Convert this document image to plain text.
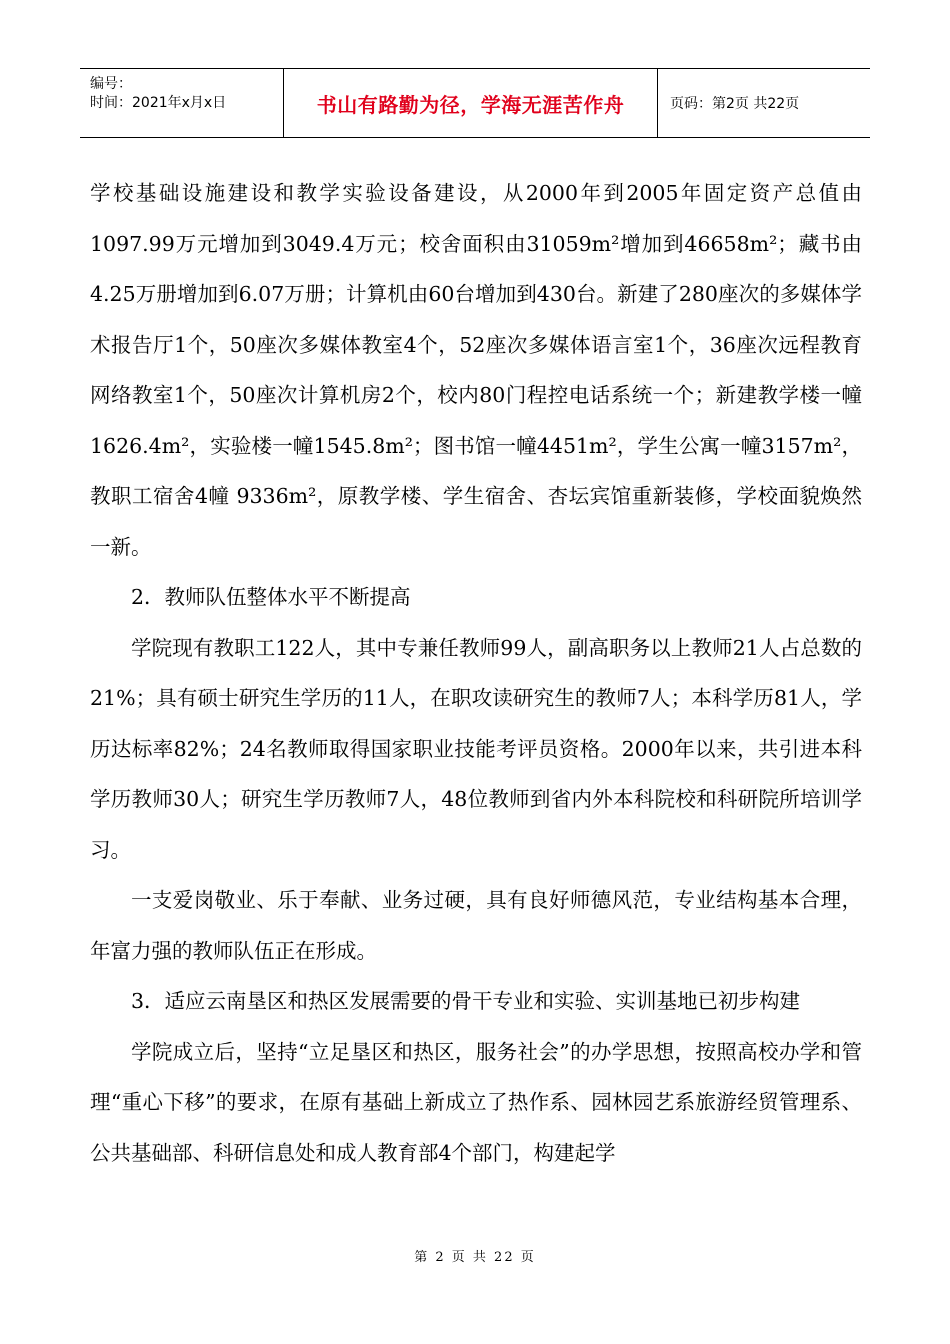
编号：
时间：2021年x月x日	书山有路勤为径，学海无涯苦作舟	页码：第2页 共22页

学校基础设施建设和教学实验设备建设，从2000年到2005年固定资产总值由1097.99万元增加到3049.4万元；校舍面积由31059m²增加到46658m²；藏书由4.25万册增加到6.07万册；计算机由60台增加到430台。新建了280座次的多媒体学术报告厅1个，50座次多媒体教室4个，52座次多媒体语言室1个，36座次远程教育网络教室1个，50座次计算机房2个，校内80门程控电话系统一个；新建教学楼一幢1626.4m²，实验楼一幢1545.8m²；图书馆一幢4451m²，学生公寓一幢3157m²，教职工宿舍4幢 9336m²，原教学楼、学生宿舍、杏坛宾馆重新装修，学校面貌焕然一新。

2．教师队伍整体水平不断提高

学院现有教职工122人，其中专兼任教师99人，副高职务以上教师21人占总数的21%；具有硕士研究生学历的11人，在职攻读研究生的教师7人；本科学历81人，学历达标率82%；24名教师取得国家职业技能考评员资格。2000年以来，共引进本科学历教师30人；研究生学历教师7人，48位教师到省内外本科院校和科研院所培训学习。

一支爱岗敬业、乐于奉献、业务过硬，具有良好师德风范，专业结构基本合理，年富力强的教师队伍正在形成。

3．适应云南垦区和热区发展需要的骨干专业和实验、实训基地已初步构建

学院成立后，坚持“立足垦区和热区，服务社会”的办学思想，按照高校办学和管理“重心下移”的要求，在原有基础上新成立了热作系、园林园艺系旅游经贸管理系、公共基础部、科研信息处和成人教育部4个部门，构建起学

第 2 页 共 22 页
